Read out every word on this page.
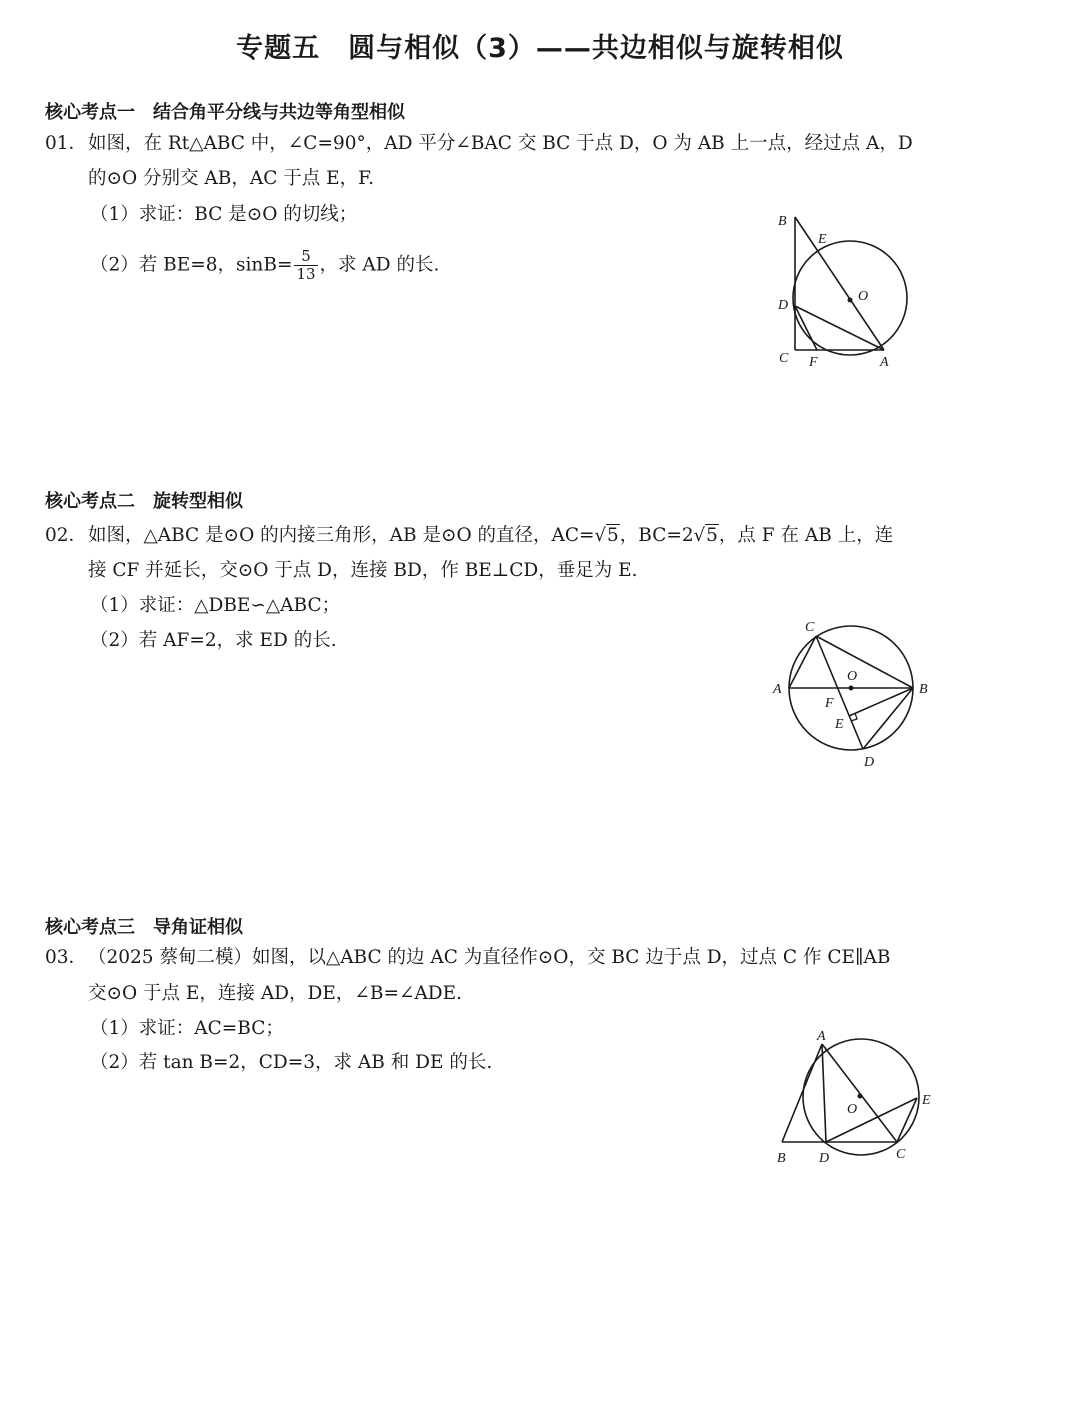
专题五　圆与相似（3）——共边相似与旋转相似
核心考点一　结合角平分线与共边等角型相似
01． 如图，在 Rt△ABC 中，∠C=90°，AD 平分∠BAC 交 BC 于点 D，O 为 AB 上一点，经过点 A，D
的⊙O 分别交 AB，AC 于点 E，F.
（1）求证：BC 是⊙O 的切线；
（2）若 BE=8，$\sin B= \frac{5}{13}$ ，求 AD 的长.
B
E
O
D
C F	A
核心考点二　旋转型相似
02． 如图，△ABC 是⊙O 的内接三角形，AB 是⊙O 的直径，AC=√5，BC=2√5，点 F 在 AB 上，连
接 CF 并延长，交⊙O 于点 D，连接 BD，作 BE⊥CD，垂足为 E.
（1）求证：△DBE∽△ABC；
（2）若 AF=2，求 ED 的长.
C
O
A	B
F
E
D
核心考点三　导角证相似
03． （2025 蔡甸二模）如图，以△ABC 的边 AC 为直径作⊙O，交 BC 边于点 D，过点 C 作 CE∥AB
交⊙O 于点 E，连接 AD，DE，∠B=∠ADE.
（1）求证：AC=BC；
（2）若 tan B=2，CD=3，求 AB 和 DE 的长.
A
O
E
B D	C
